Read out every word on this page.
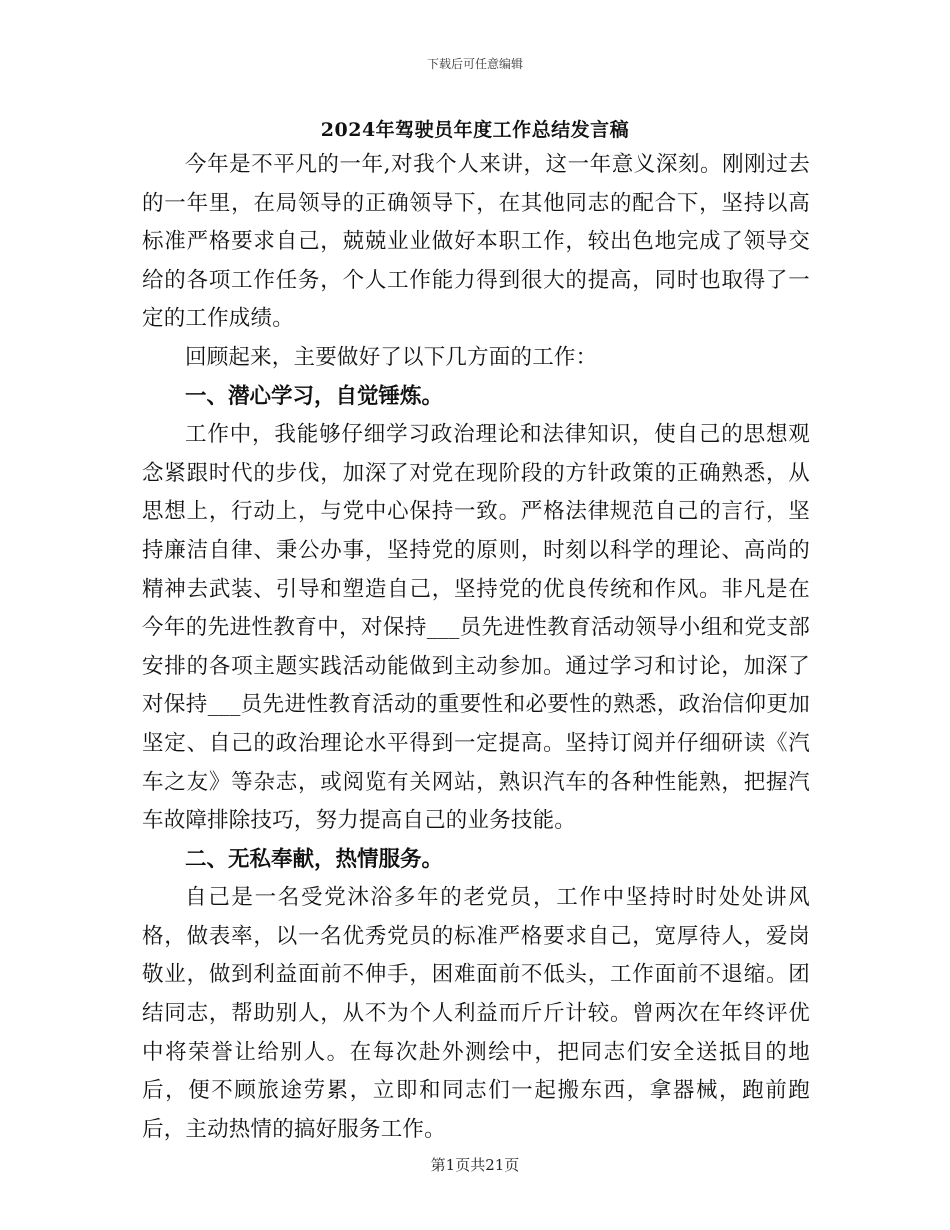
下载后可任意编辑
2024年驾驶员年度工作总结发言稿

今年是不平凡的一年,对我个人来讲，这一年意义深刻。刚刚过去的一年里，在局领导的正确领导下，在其他同志的配合下，坚持以高标准严格要求自己，兢兢业业做好本职工作，较出色地完成了领导交给的各项工作任务，个人工作能力得到很大的提高，同时也取得了一定的工作成绩。

回顾起来，主要做好了以下几方面的工作：

一、潜心学习，自觉锤炼。

工作中，我能够仔细学习政治理论和法律知识，使自己的思想观念紧跟时代的步伐，加深了对党在现阶段的方针政策的正确熟悉，从思想上，行动上，与党中心保持一致。严格法律规范自己的言行，坚持廉洁自律、秉公办事，坚持党的原则，时刻以科学的理论、高尚的精神去武装、引导和塑造自己，坚持党的优良传统和作风。非凡是在今年的先进性教育中，对保持___员先进性教育活动领导小组和党支部安排的各项主题实践活动能做到主动参加。通过学习和讨论，加深了对保持___员先进性教育活动的重要性和必要性的熟悉，政治信仰更加坚定、自己的政治理论水平得到一定提高。坚持订阅并仔细研读《汽车之友》等杂志，或阅览有关网站，熟识汽车的各种性能熟，把握汽车故障排除技巧，努力提高自己的业务技能。

二、无私奉献，热情服务。

自己是一名受党沐浴多年的老党员，工作中坚持时时处处讲风格，做表率，以一名优秀党员的标准严格要求自己，宽厚待人，爱岗敬业，做到利益面前不伸手，困难面前不低头，工作面前不退缩。团结同志，帮助别人，从不为个人利益而斤斤计较。曾两次在年终评优中将荣誉让给别人。在每次赴外测绘中，把同志们安全送抵目的地后，便不顾旅途劳累，立即和同志们一起搬东西，拿器械，跑前跑后，主动热情的搞好服务工作。

第1页共21页
